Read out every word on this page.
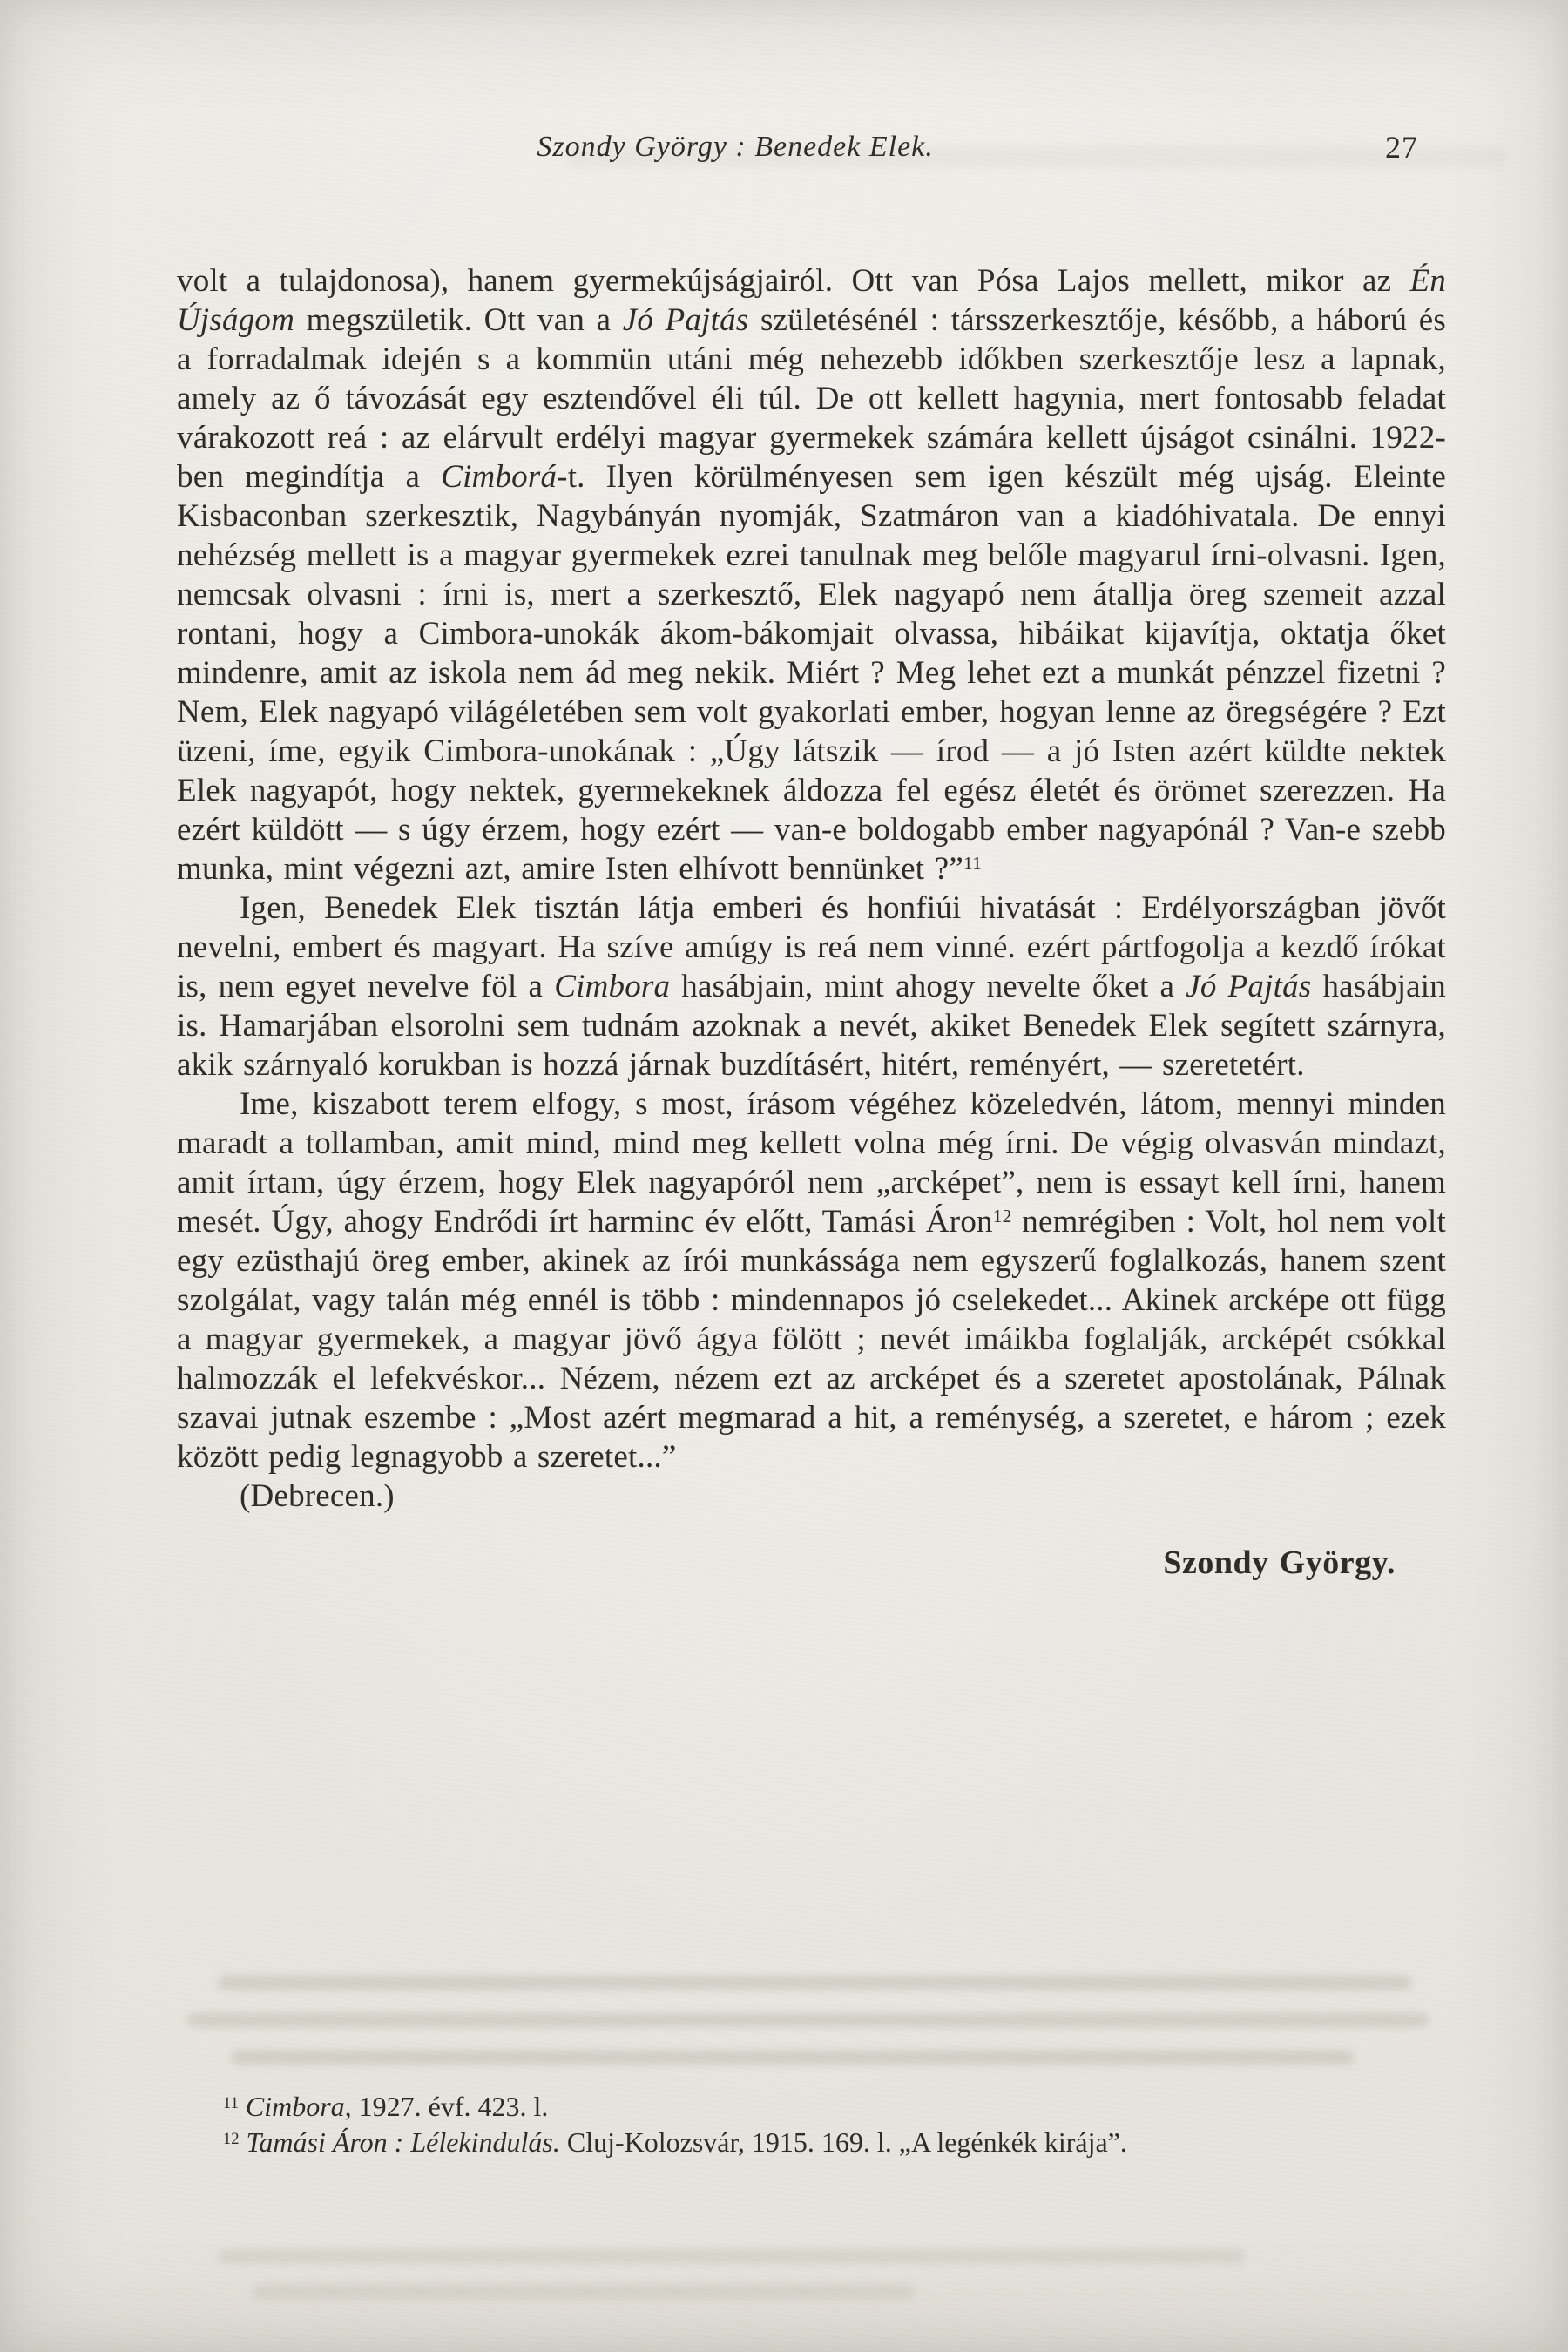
Szondy György : Benedek Elek.	27

volt a tulajdonosa), hanem gyermekújságjairól. Ott van Pósa Lajos mellett, mikor az Én Újságom megszületik. Ott van a Jó Pajtás születésénél : társszerkesztője, később, a háború és a forradalmak idején s a kommün utáni még nehezebb időkben szerkesztője lesz a lapnak, amely az ő távozását egy esztendővel éli túl. De ott kellett hagynia, mert fontosabb feladat várakozott reá : az elárvult erdélyi magyar gyermekek számára kellett újságot csinálni. 1922-ben megindítja a Cimborá-t. Ilyen körülményesen sem igen készült még ujság. Eleinte Kisbaconban szerkesztik, Nagybányán nyomják, Szatmáron van a kiadóhivatala. De ennyi nehézség mellett is a magyar gyermekek ezrei tanulnak meg belőle magyarul írni-olvasni. Igen, nemcsak olvasni : írni is, mert a szerkesztő, Elek nagyapó nem átallja öreg szemeit azzal rontani, hogy a Cimbora-unokák ákom-bákomjait olvassa, hibáikat kijavítja, oktatja őket mindenre, amit az iskola nem ád meg nekik. Miért ? Meg lehet ezt a munkát pénzzel fizetni ? Nem, Elek nagyapó világéletében sem volt gyakorlati ember, hogyan lenne az öregségére ? Ezt üzeni, íme, egyik Cimbora-unokának : „Úgy látszik — írod — a jó Isten azért küldte nektek Elek nagyapót, hogy nektek, gyermekeknek áldozza fel egész életét és örömet szerezzen. Ha ezért küldött — s úgy érzem, hogy ezért — van-e boldogabb ember nagyapónál ? Van-e szebb munka, mint végezni azt, amire Isten elhívott bennünket ?”$^{11}$

Igen, Benedek Elek tisztán látja emberi és honfiúi hivatását : Erdélyországban jövőt nevelni, embert és magyart. Ha szíve amúgy is reá nem vinné. ezért pártfogolja a kezdő írókat is, nem egyet nevelve föl a Cimbora hasábjain, mint ahogy nevelte őket a Jó Pajtás hasábjain is. Hamarjában elsorolni sem tudnám azoknak a nevét, akiket Benedek Elek segített szárnyra, akik szárnyaló korukban is hozzá járnak buzdításért, hitért, reményért, — szeretetért.

Ime, kiszabott terem elfogy, s most, írásom végéhez közeledvén, látom, mennyi minden maradt a tollamban, amit mind, mind meg kellett volna még írni. De végig olvasván mindazt, amit írtam, úgy érzem, hogy Elek nagyapóról nem „arcképet”, nem is essayt kell írni, hanem mesét. Úgy, ahogy Endrődi írt harminc év előtt, Tamási Áron$^{12}$ nemrégiben : Volt, hol nem volt egy ezüsthajú öreg ember, akinek az írói munkássága nem egyszerű foglalkozás, hanem szent szolgálat, vagy talán még ennél is több : mindennapos jó cselekedet... Akinek arcképe ott függ a magyar gyermekek, a magyar jövő ágya fölött ; nevét imáikba foglalják, arcképét csókkal halmozzák el lefekvéskor... Nézem, nézem ezt az arcképet és a szeretet apostolának, Pálnak szavai jutnak eszembe : „Most azért megmarad a hit, a reménység, a szeretet, e három ; ezek között pedig legnagyobb a szeretet...”

(Debrecen.)

Szondy György.

$^{11}$ Cimbora, 1927. évf. 423. l.

$^{12}$ Tamási Áron : Lélekindulás. Cluj-Kolozsvár, 1915. 169. l. „A legénkék kirája”.
